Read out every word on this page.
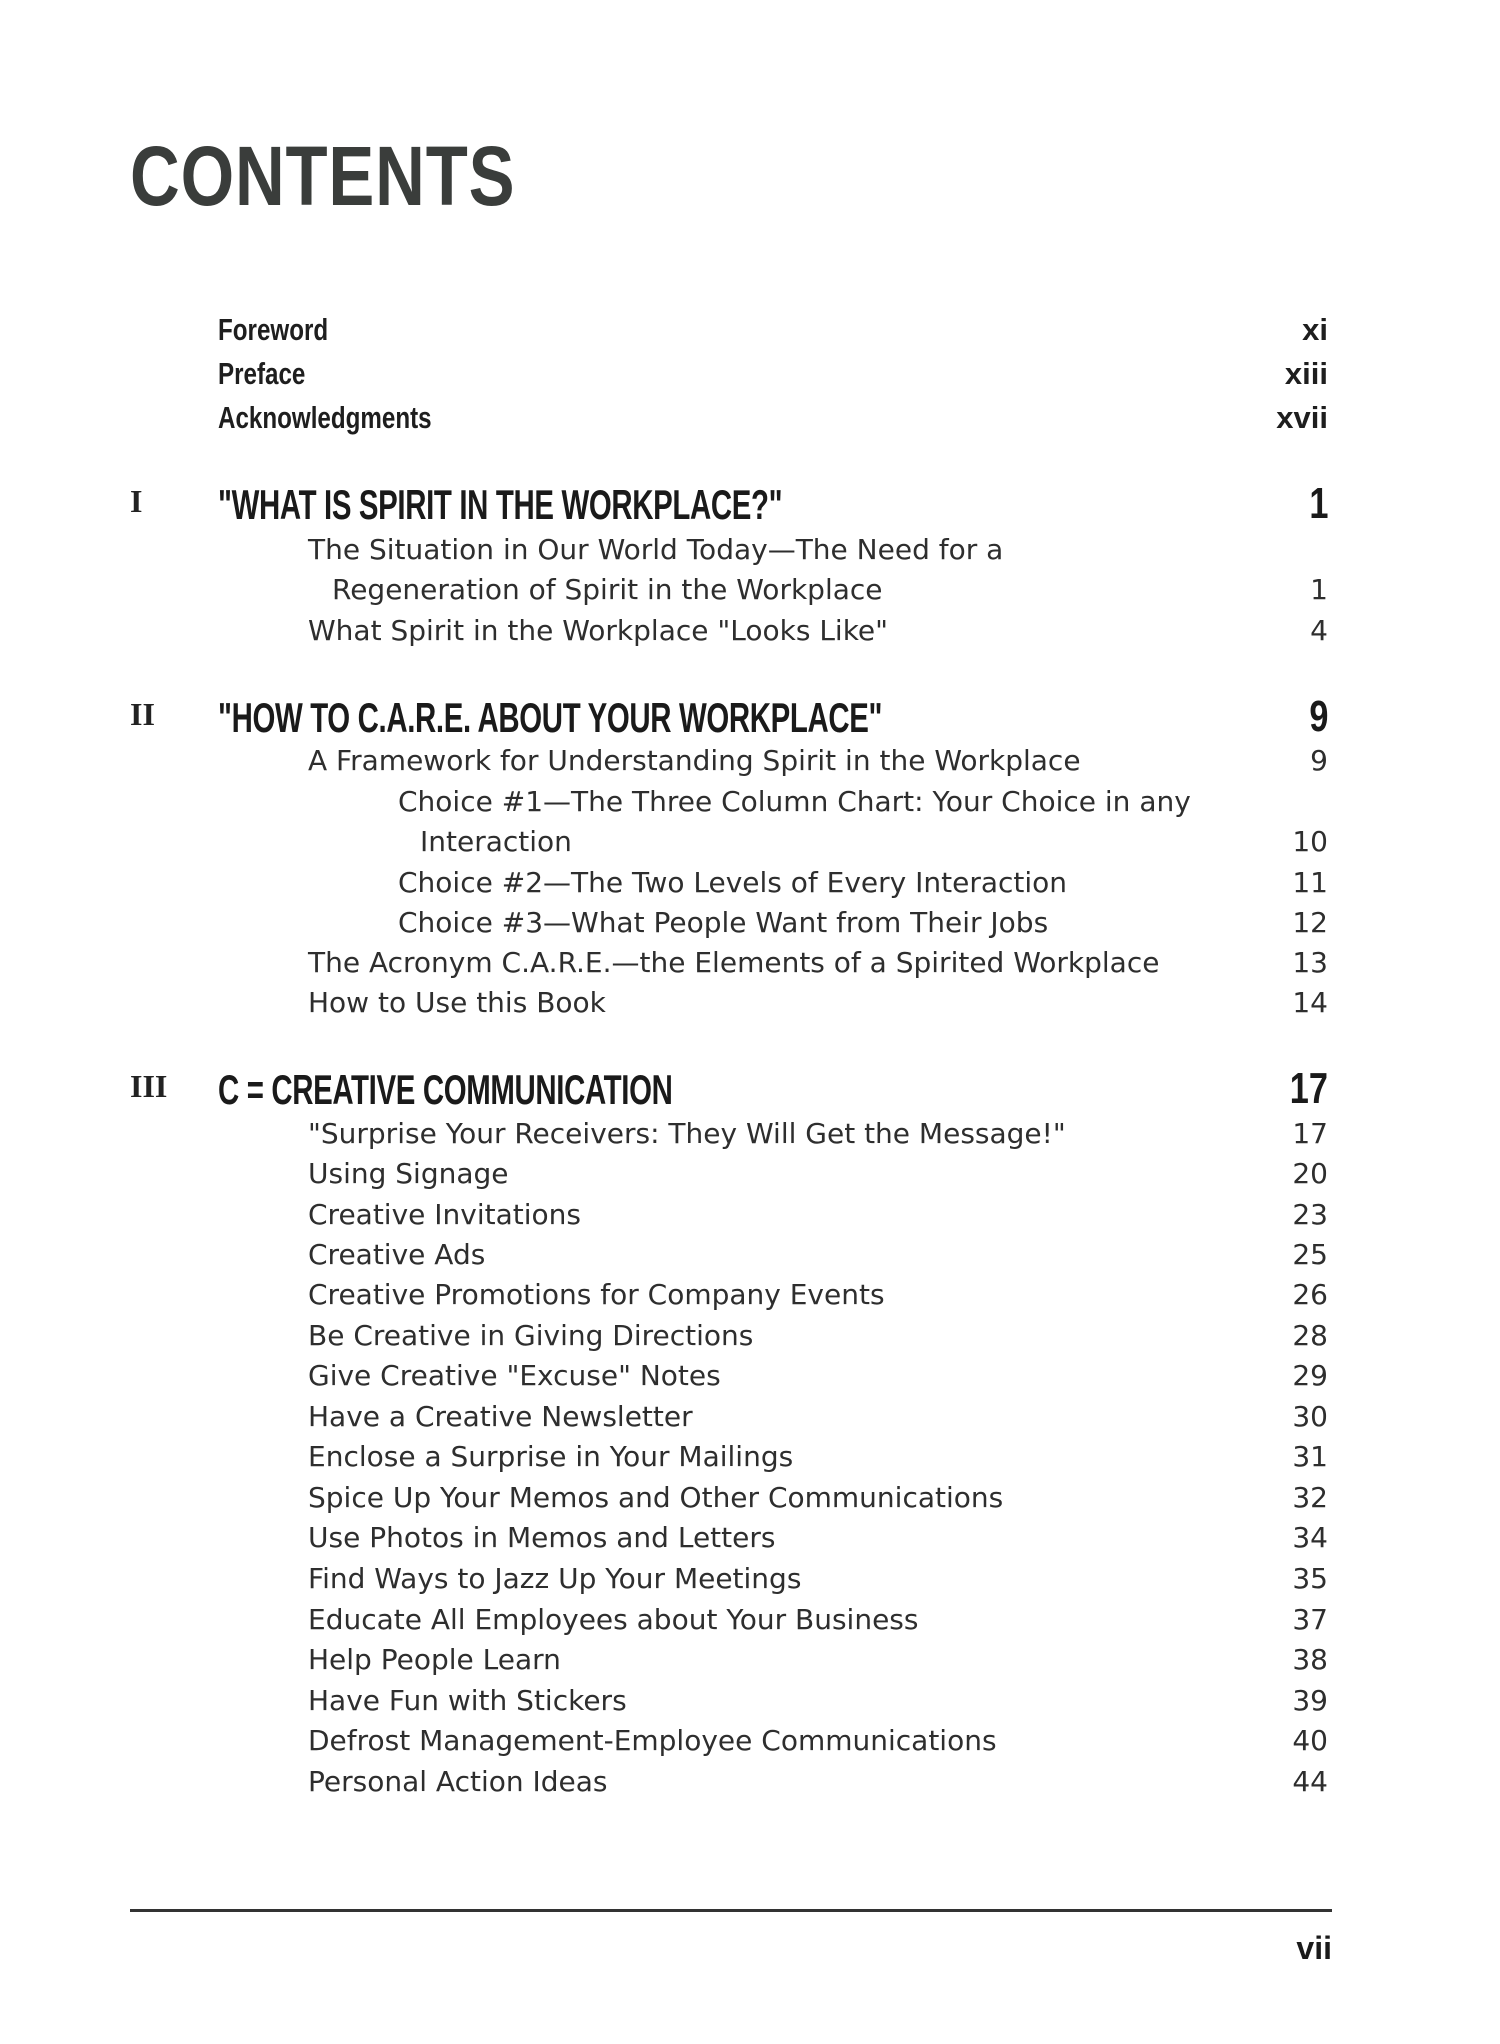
CONTENTS
Foreword	xi
Preface	xiii
Acknowledgments	xvii
I "WHAT IS SPIRIT IN THE WORKPLACE?"	1
The Situation in Our World Today—The Need for a
Regeneration of Spirit in the Workplace	1
What Spirit in the Workplace "Looks Like"	4
II "HOW TO C.A.R.E. ABOUT YOUR WORKPLACE"	9
A Framework for Understanding Spirit in the Workplace	9
Choice #1—The Three Column Chart: Your Choice in any
Interaction	10
Choice #2—The Two Levels of Every Interaction	11
Choice #3—What People Want from Their Jobs	12
The Acronym C.A.R.E.—the Elements of a Spirited Workplace	13
How to Use this Book	14
III C = CREATIVE COMMUNICATION	17
"Surprise Your Receivers: They Will Get the Message!"	17
Using Signage	20
Creative Invitations	23
Creative Ads	25
Creative Promotions for Company Events	26
Be Creative in Giving Directions	28
Give Creative "Excuse" Notes	29
Have a Creative Newsletter	30
Enclose a Surprise in Your Mailings	31
Spice Up Your Memos and Other Communications	32
Use Photos in Memos and Letters	34
Find Ways to Jazz Up Your Meetings	35
Educate All Employees about Your Business	37
Help People Learn	38
Have Fun with Stickers	39
Defrost Management-Employee Communications	40
Personal Action Ideas	44
vii
